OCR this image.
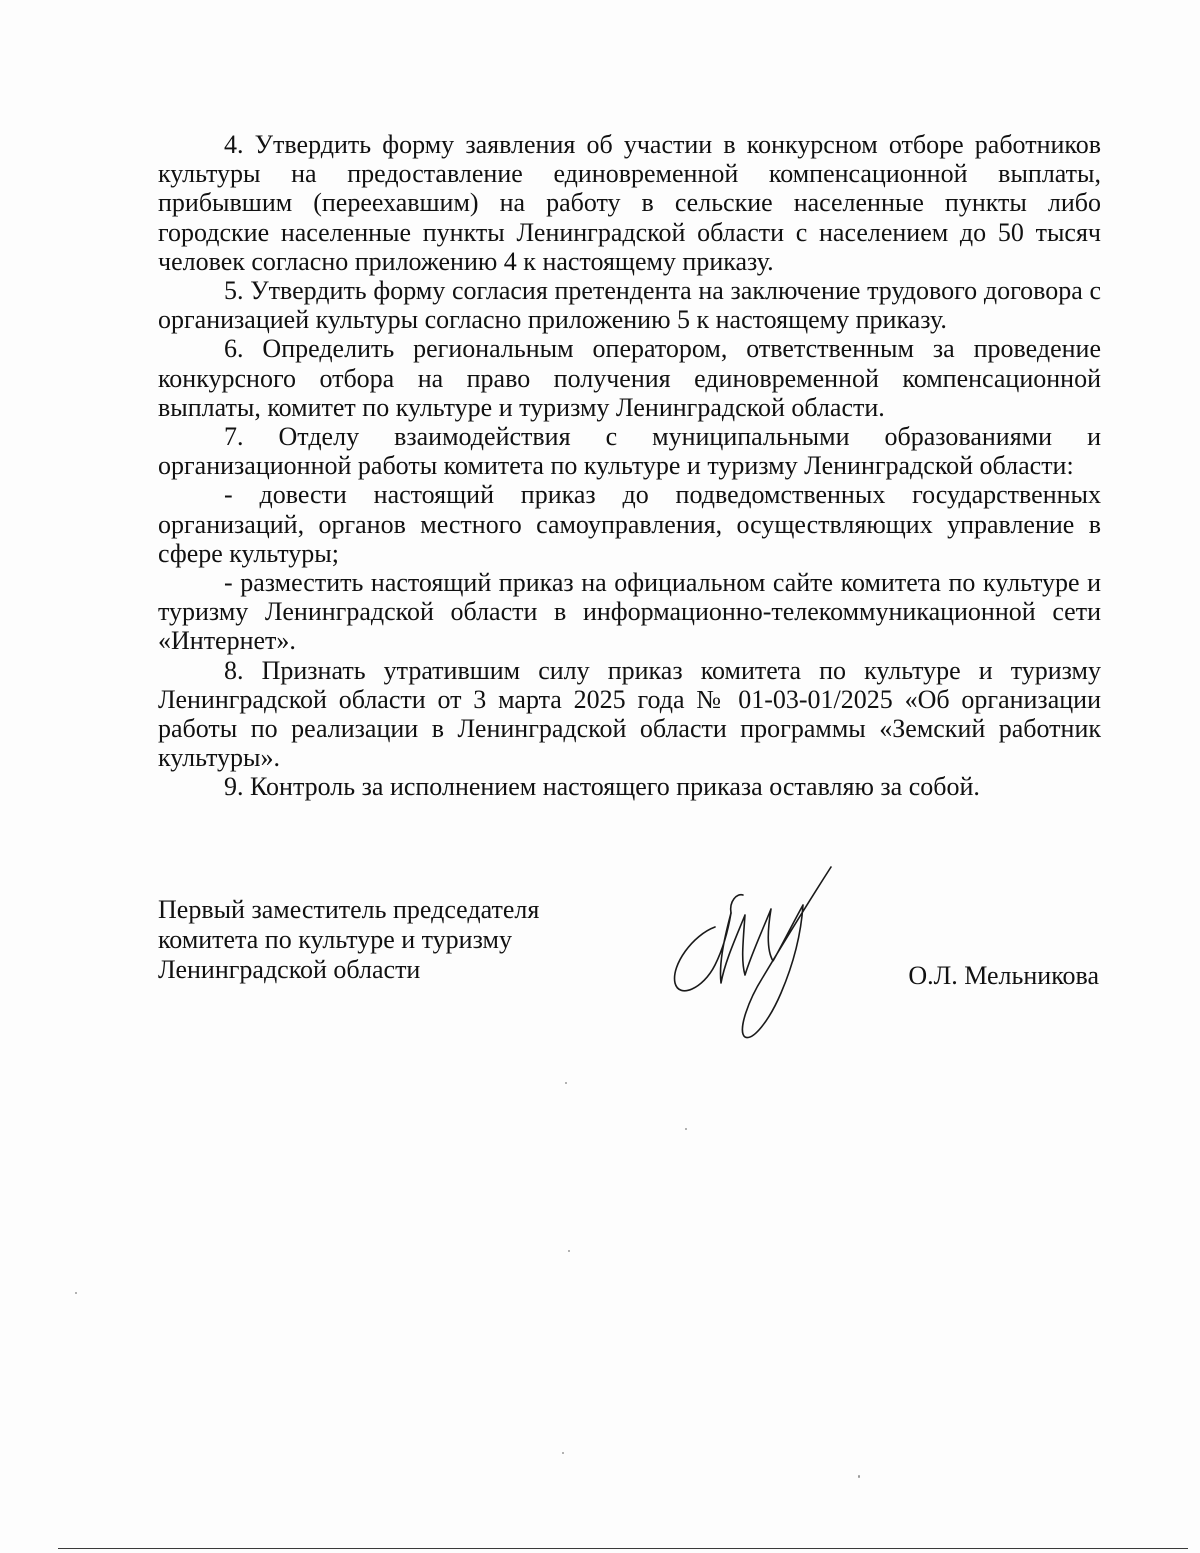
4. Утвердить форму заявления об участии в конкурсном отборе работников культуры на предоставление единовременной компенсационной выплаты, прибывшим (переехавшим) на работу в сельские населенные пункты либо городские населенные пункты Ленинградской области с населением до 50 тысяч человек согласно приложению 4 к настоящему приказу.

5. Утвердить форму согласия претендента на заключение трудового договора с организацией культуры согласно приложению 5 к настоящему приказу.

6. Определить региональным оператором, ответственным за проведение конкурсного отбора на право получения единовременной компенсационной выплаты, комитет по культуре и туризму Ленинградской области.

7. Отделу взаимодействия с муниципальными образованиями и организационной работы комитета по культуре и туризму Ленинградской области:

- довести настоящий приказ до подведомственных государственных организаций, органов местного самоуправления, осуществляющих управление в сфере культуры;

- разместить настоящий приказ на официальном сайте комитета по культуре и туризму Ленинградской области в информационно-телекоммуникационной сети «Интернет».

8. Признать утратившим силу приказ комитета по культуре и туризму Ленинградской области от 3 марта 2025 года № 01-03-01/2025 «Об организации работы по реализации в Ленинградской области программы «Земский работник культуры».

9. Контроль за исполнением настоящего приказа оставляю за собой.

Первый заместитель председателя
комитета по культуре и туризму
Ленинградской области	О.Л. Мельникова
